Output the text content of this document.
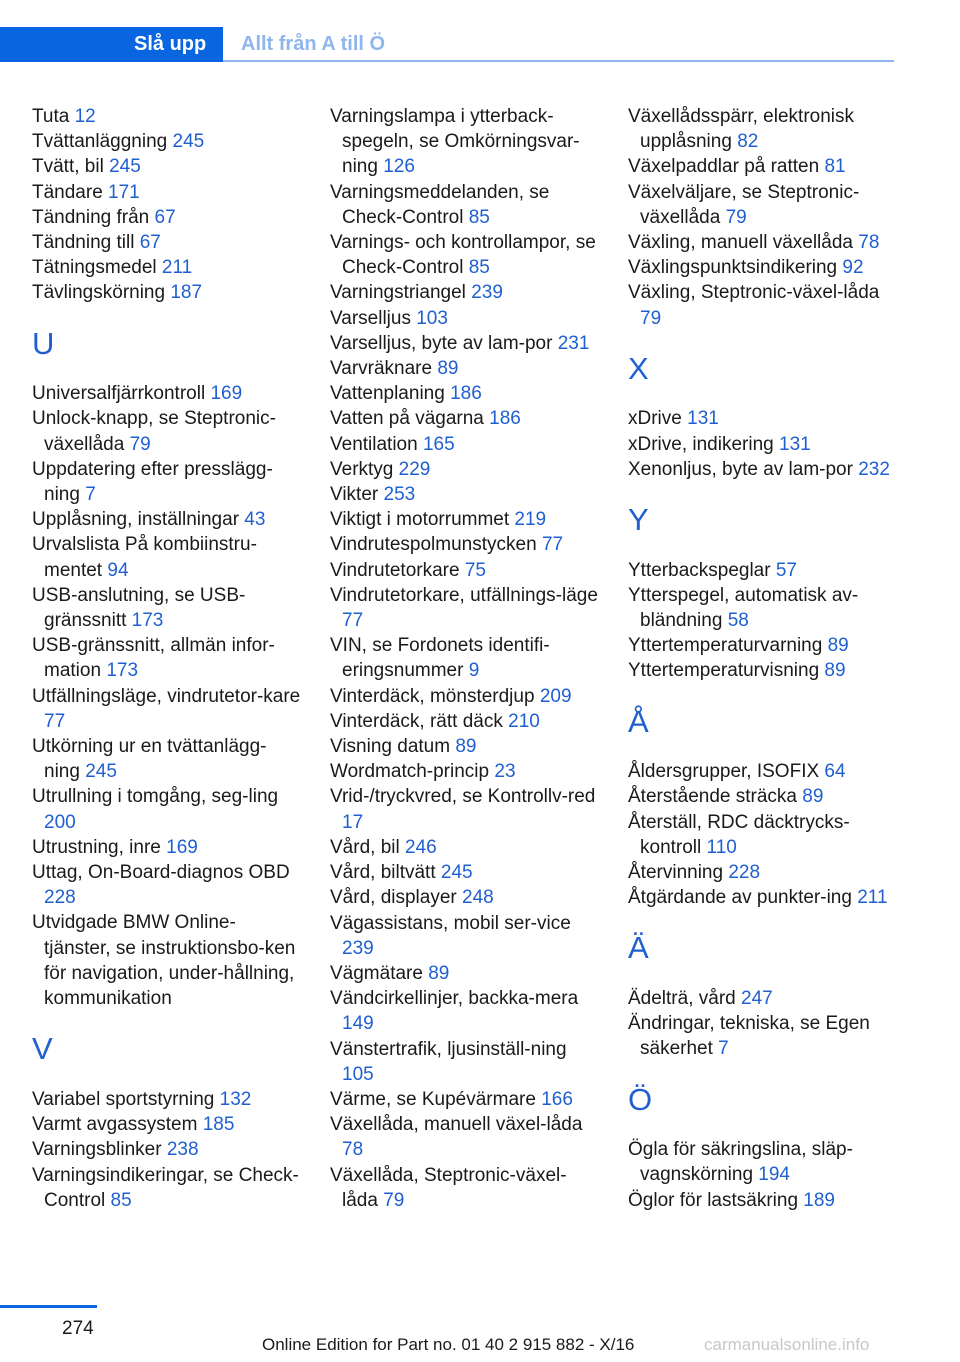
Slå upp	Allt från A till Ö
Tuta 12
Tvättanläggning 245
Tvätt, bil 245
Tändare 171
Tändning från 67
Tändning till 67
Tätningsmedel 211
Tävlingskörning 187
U
Universalfjärrkontroll 169
Unlock-knapp, se Steptronic-växellåda 79
Uppdatering efter presslägg-ning 7
Upplåsning, inställningar 43
Urvalslista På kombiinstru-mentet 94
USB-anslutning, se USB-gränssnitt 173
USB-gränssnitt, allmän infor-mation 173
Utfällningsläge, vindrutetor-kare 77
Utkörning ur en tvättanlägg-ning 245
Utrullning i tomgång, seg-ling 200
Utrustning, inre 169
Uttag, On-Board-diagnos OBD 228
Utvidgade BMW Online-tjänster, se instruktionsbo-ken för navigation, under-hållning, kommunikation
V
Variabel sportstyrning 132
Varmt avgassystem 185
Varningsblinker 238
Varningsindikeringar, se Check-Control 85
Varningslampa i ytterback-spegeln, se Omkörningsvar-ning 126
Varningsmeddelanden, se Check-Control 85
Varnings- och kontrollampor, se Check-Control 85
Varningstriangel 239
Varselljus 103
Varselljus, byte av lam-por 231
Varvräknare 89
Vattenplaning 186
Vatten på vägarna 186
Ventilation 165
Verktyg 229
Vikter 253
Viktigt i motorrummet 219
Vindrutespolmunstycken 77
Vindrutetorkare 75
Vindrutetorkare, utfällnings-läge 77
VIN, se Fordonets identifi-eringsnummer 9
Vinterdäck, mönsterdjup 209
Vinterdäck, rätt däck 210
Visning datum 89
Wordmatch-princip 23
Vrid-/tryckvred, se Kontrollv-red 17
Vård, bil 246
Vård, biltvätt 245
Vård, displayer 248
Vägassistans, mobil ser-vice 239
Vägmätare 89
Vändcirkellinjer, backka-mera 149
Vänstertrafik, ljusinställ-ning 105
Värme, se Kupévärmare 166
Växellåda, manuell växel-låda 78
Växellåda, Steptronic-växel-låda 79
Växellådsspärr, elektronisk upplåsning 82
Växelpaddlar på ratten 81
Växelväljare, se Steptronic-växellåda 79
Växling, manuell växellåda 78
Växlingspunktsindikering 92
Växling, Steptronic-växel-låda 79
X
xDrive 131
xDrive, indikering 131
Xenonljus, byte av lam-por 232
Y
Ytterbackspeglar 57
Ytterspegel, automatisk av-bländning 58
Yttertemperaturvarning 89
Yttertemperaturvisning 89
Å
Åldersgrupper, ISOFIX 64
Återstående sträcka 89
Återställ, RDC däcktrycks-kontroll 110
Återvinning 228
Åtgärdande av punkter-ing 211
Ä
Ädelträ, vård 247
Ändringar, tekniska, se Egen säkerhet 7
Ö
Ögla för säkringslina, släp-vagnskörning 194
Öglor för lastsäkring 189
274
Online Edition for Part no. 01 40 2 915 882 - X/16	carmanualsonline.info
